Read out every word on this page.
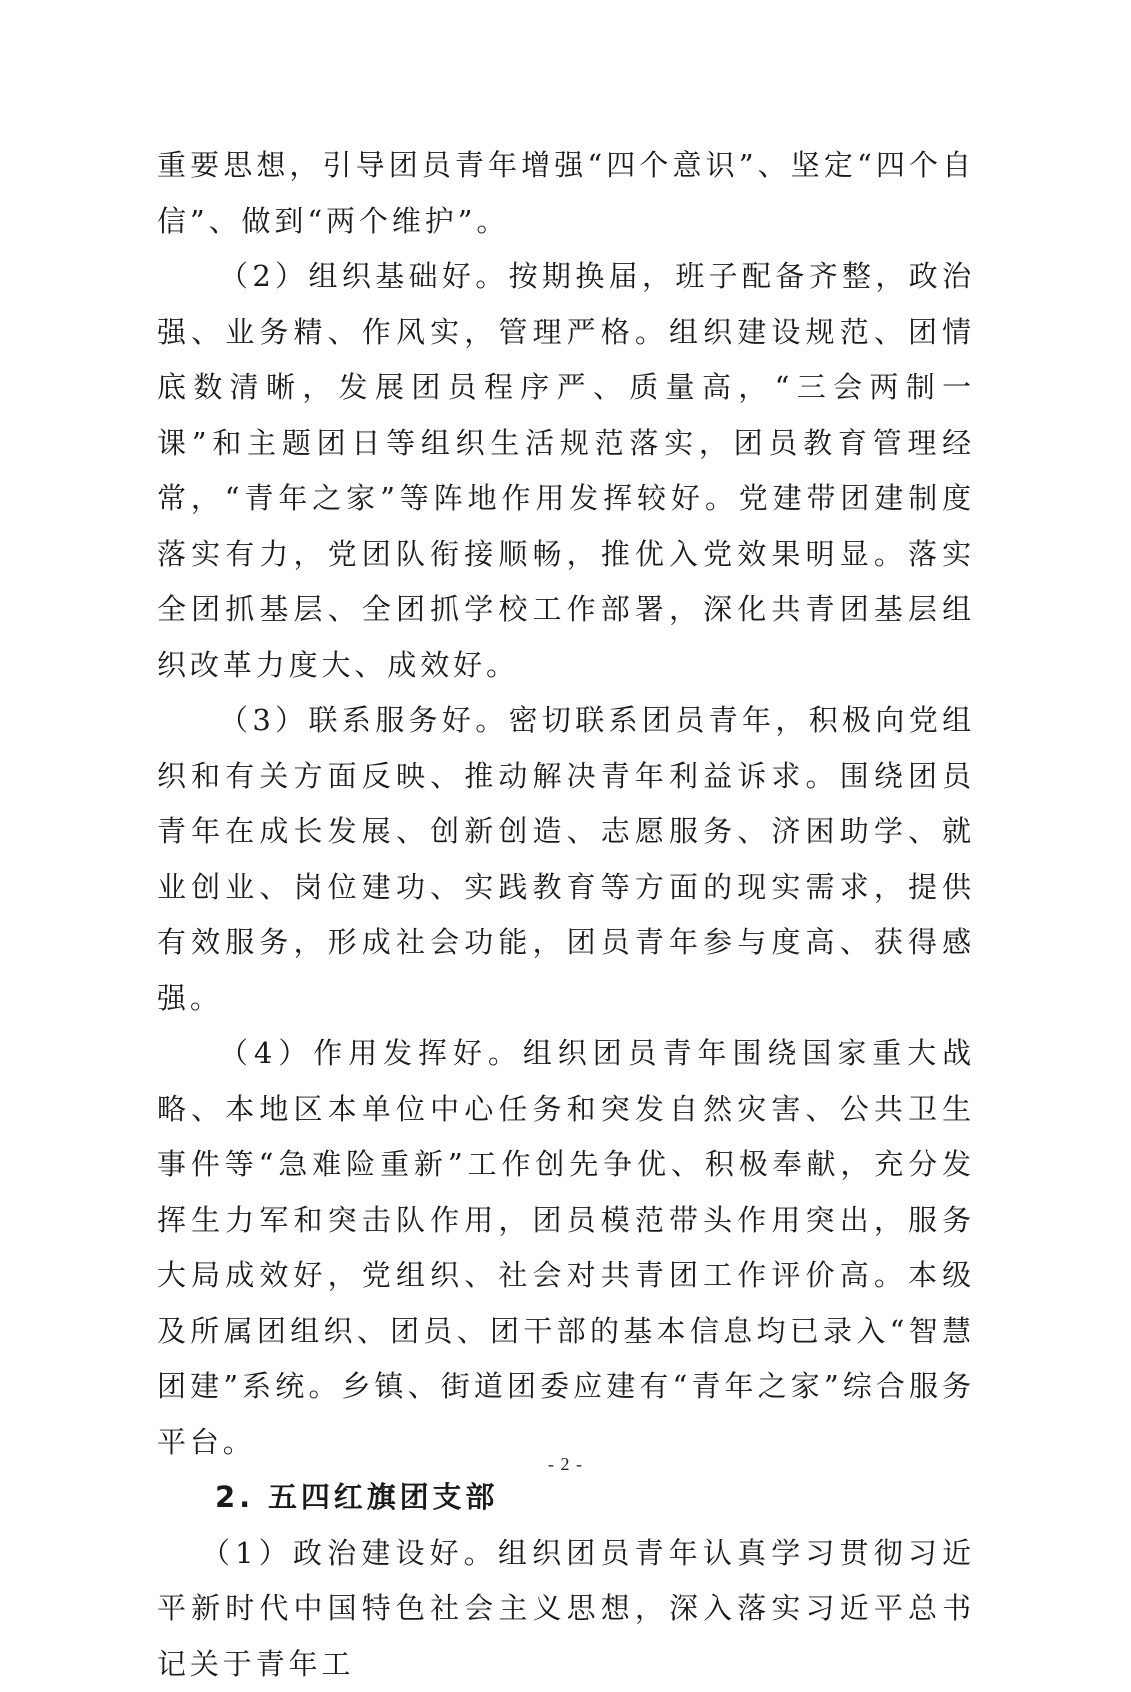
重要思想，引导团员青年增强“四个意识”、坚定“四个自信”、做到“两个维护”。

（2）组织基础好。按期换届，班子配备齐整，政治强、业务精、作风实，管理严格。组织建设规范、团情底数清晰，发展团员程序严、质量高，“三会两制一课”和主题团日等组织生活规范落实，团员教育管理经常，“青年之家”等阵地作用发挥较好。党建带团建制度落实有力，党团队衔接顺畅，推优入党效果明显。落实全团抓基层、全团抓学校工作部署，深化共青团基层组织改革力度大、成效好。

（3）联系服务好。密切联系团员青年，积极向党组织和有关方面反映、推动解决青年利益诉求。围绕团员青年在成长发展、创新创造、志愿服务、济困助学、就业创业、岗位建功、实践教育等方面的现实需求，提供有效服务，形成社会功能，团员青年参与度高、获得感强。

（4）作用发挥好。组织团员青年围绕国家重大战略、本地区本单位中心任务和突发自然灾害、公共卫生事件等“急难险重新”工作创先争优、积极奉献，充分发挥生力军和突击队作用，团员模范带头作用突出，服务大局成效好，党组织、社会对共青团工作评价高。本级及所属团组织、团员、团干部的基本信息均已录入“智慧团建”系统。乡镇、街道团委应建有“青年之家”综合服务平台。

2. 五四红旗团支部

（1）政治建设好。组织团员青年认真学习贯彻习近平新时代中国特色社会主义思想，深入落实习近平总书记关于青年工

- 2 -
